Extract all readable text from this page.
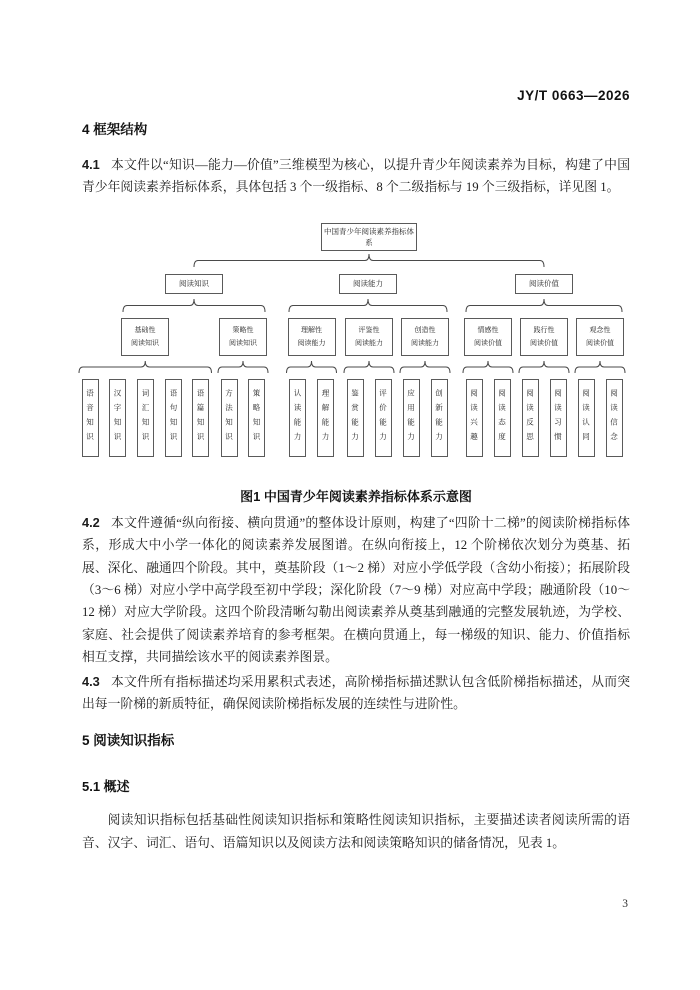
JY/T 0663—2026
4 框架结构

4.1 本文件以“知识—能力—价值”三维模型为核心，以提升青少年阅读素养为目标，构建了中国青少年阅读素养指标体系，具体包括 3 个一级指标、8 个二级指标与 19 个三级指标，详见图 1。

中国青少年阅读素养指标体系
阅读知识	阅读能力	阅读价值
基础性
阅读知识
策略性
阅读知识
理解性
阅读能力
评鉴性
阅读能力
创造性
阅读能力
情感性
阅读价值
践行性
阅读价值
观念性
阅读价值
语音知识	汉字知识	词汇知识	语句知识	语篇知识	方法知识	策略知识	认读能力	理解能力	鉴赏能力	评价能力	应用能力	创新能力	阅读兴趣	阅读态度	阅读反思	阅读习惯	阅读认同	阅读信念
图1 中国青少年阅读素养指标体系示意图

4.2 本文件遵循“纵向衔接、横向贯通”的整体设计原则，构建了“四阶十二梯”的阅读阶梯指标体系，形成大中小学一体化的阅读素养发展图谱。在纵向衔接上，12 个阶梯依次划分为奠基、拓展、深化、融通四个阶段。其中，奠基阶段（1～2 梯）对应小学低学段（含幼小衔接）；拓展阶段（3～6 梯）对应小学中高学段至初中学段；深化阶段（7～9 梯）对应高中学段；融通阶段（10～12 梯）对应大学阶段。这四个阶段清晰勾勒出阅读素养从奠基到融通的完整发展轨迹，为学校、家庭、社会提供了阅读素养培育的参考框架。在横向贯通上，每一梯级的知识、能力、价值指标相互支撑，共同描绘该水平的阅读素养图景。

4.3 本文件所有指标描述均采用累积式表述，高阶梯指标描述默认包含低阶梯指标描述，从而突出每一阶梯的新质特征，确保阅读阶梯指标发展的连续性与进阶性。

5 阅读知识指标
5.1 概述

阅读知识指标包括基础性阅读知识指标和策略性阅读知识指标，主要描述读者阅读所需的语音、汉字、词汇、语句、语篇知识以及阅读方法和阅读策略知识的储备情况，见表 1。

3
